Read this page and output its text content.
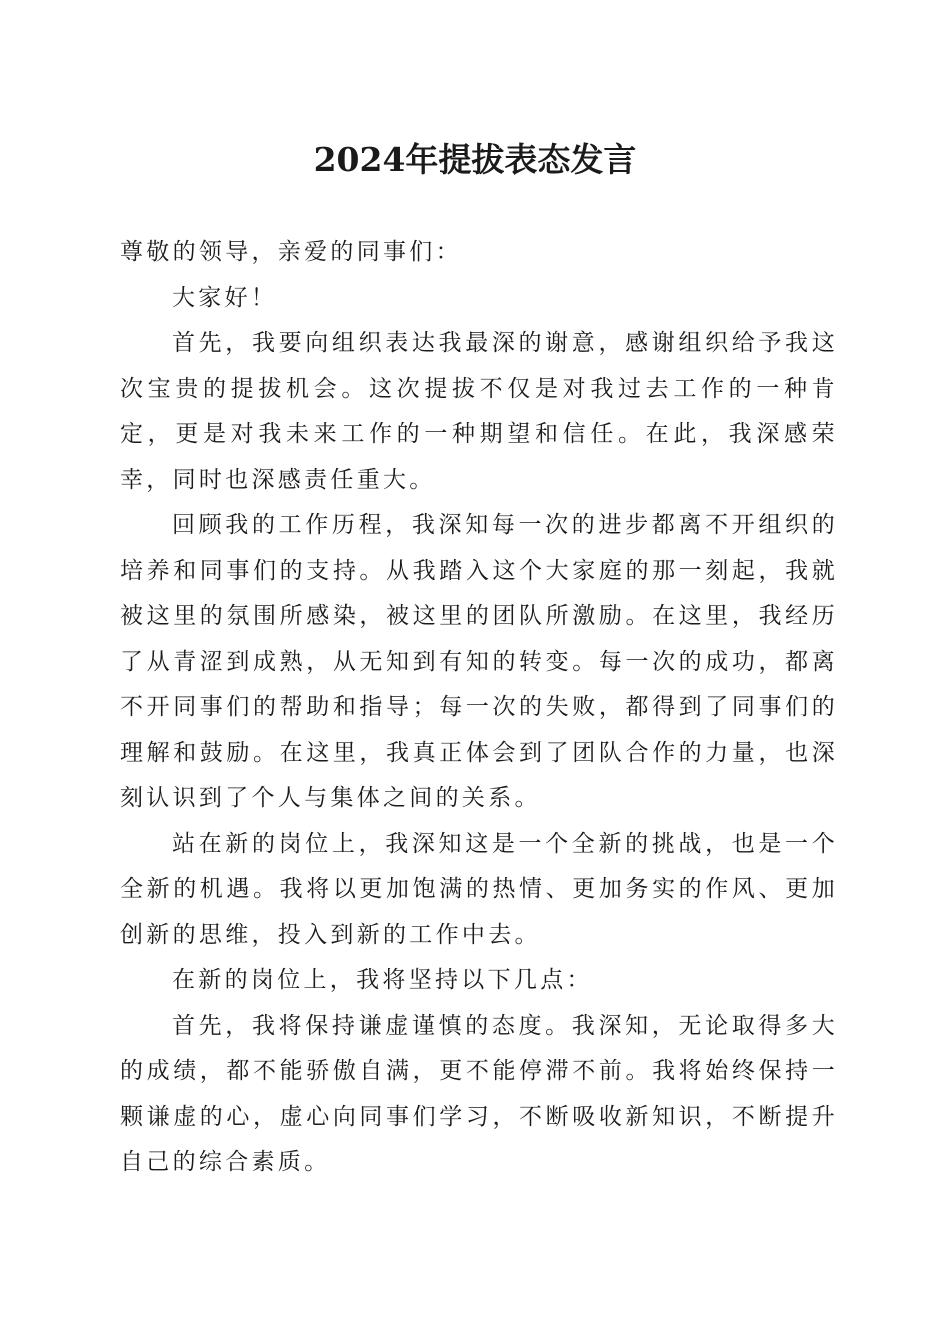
2024年提拔表态发言

尊敬的领导，亲爱的同事们：

大家好！

首先，我要向组织表达我最深的谢意，感谢组织给予我这次宝贵的提拔机会。这次提拔不仅是对我过去工作的一种肯定，更是对我未来工作的一种期望和信任。在此，我深感荣幸，同时也深感责任重大。

回顾我的工作历程，我深知每一次的进步都离不开组织的培养和同事们的支持。从我踏入这个大家庭的那一刻起，我就被这里的氛围所感染，被这里的团队所激励。在这里，我经历了从青涩到成熟，从无知到有知的转变。每一次的成功，都离不开同事们的帮助和指导；每一次的失败，都得到了同事们的理解和鼓励。在这里，我真正体会到了团队合作的力量，也深刻认识到了个人与集体之间的关系。

站在新的岗位上，我深知这是一个全新的挑战，也是一个全新的机遇。我将以更加饱满的热情、更加务实的作风、更加创新的思维，投入到新的工作中去。

在新的岗位上，我将坚持以下几点：

首先，我将保持谦虚谨慎的态度。我深知，无论取得多大的成绩，都不能骄傲自满，更不能停滞不前。我将始终保持一颗谦虚的心，虚心向同事们学习，不断吸收新知识，不断提升自己的综合素质。
